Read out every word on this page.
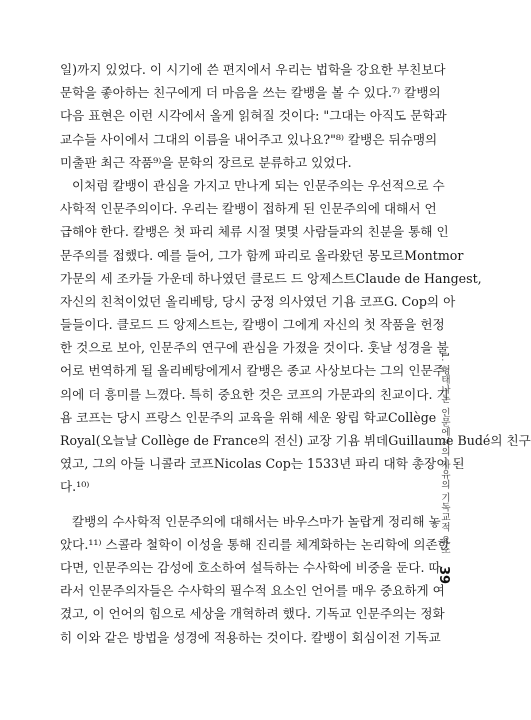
일)까지 있었다. 이 시기에 쓴 편지에서 우리는 법학을 강요한 부친보다
문학을 좋아하는 친구에게 더 마음을 쓰는 칼뱅을 볼 수 있다.⁷⁾ 칼뱅의
다음 표현은 이런 시각에서 올게 읽혀질 것이다: "그대는 아직도 문학과
교수들 사이에서 그대의 이름을 내어주고 있나요?"⁸⁾ 칼뱅은 뒤슈맹의
미출판 최근 작품⁹⁾을 문학의 장르로 분류하고 있었다.
이처럼 칼뱅이 관심을 가지고 만나게 되는 인문주의는 우선적으로 수
사학적 인문주의이다. 우리는 칼뱅이 접하게 된 인문주의에 대해서 언
급해야 한다. 칼뱅은 첫 파리 체류 시절 몇몇 사람들과의 친분을 통해 인
문주의를 접했다. 예를 들어, 그가 함께 파리로 올라왔던 몽모르Montmor
가문의 세 조카들 가운데 하나였던 클로드 드 앙제스트Claude de Hangest,
자신의 친척이었던 올리베탕, 당시 궁정 의사였던 기욤 코프G. Cop의 아
들들이다. 클로드 드 앙제스트는, 칼뱅이 그에게 자신의 첫 작품을 헌정
한 것으로 보아, 인문주의 연구에 관심을 가졌을 것이다. 훗날 성경을 불
어로 번역하게 될 올리베탕에게서 칼뱅은 종교 사상보다는 그의 인문주
의에 더 흥미를 느꼈다. 특히 중요한 것은 코프의 가문과의 친교이다. 기
욤 코프는 당시 프랑스 인문주의 교육을 위해 세운 왕립 학교Collège
Royal(오늘날 Collège de France의 전신) 교장 기욤 뷔데Guillaume Budé의 친구
였고, 그의 아들 니콜라 코프Nicolas Cop는 1533년 파리 대학 총장이 된
다.¹⁰⁾
칼뱅의 수사학적 인문주의에 대해서는 바우스마가 놀랍게 정리해 놓
았다.¹¹⁾ 스콜라 철학이 이성을 통해 진리를 체계화하는 논리학에 의존한
다면, 인문주의는 감성에 호소하여 설득하는 수사학에 비중을 둔다. 따
라서 인문주의자들은 수사학의 필수적 요소인 언어를 매우 중요하게 여
겼고, 이 언어의 힘으로 세상을 개혁하려 했다. 기독교 인문주의는 정화
히 이와 같은 방법을 성경에 적용하는 것이다. 칼뱅이 회심이전 기독교
1. 형태나는 인문에서의 자유의 기독교적 요소
39
